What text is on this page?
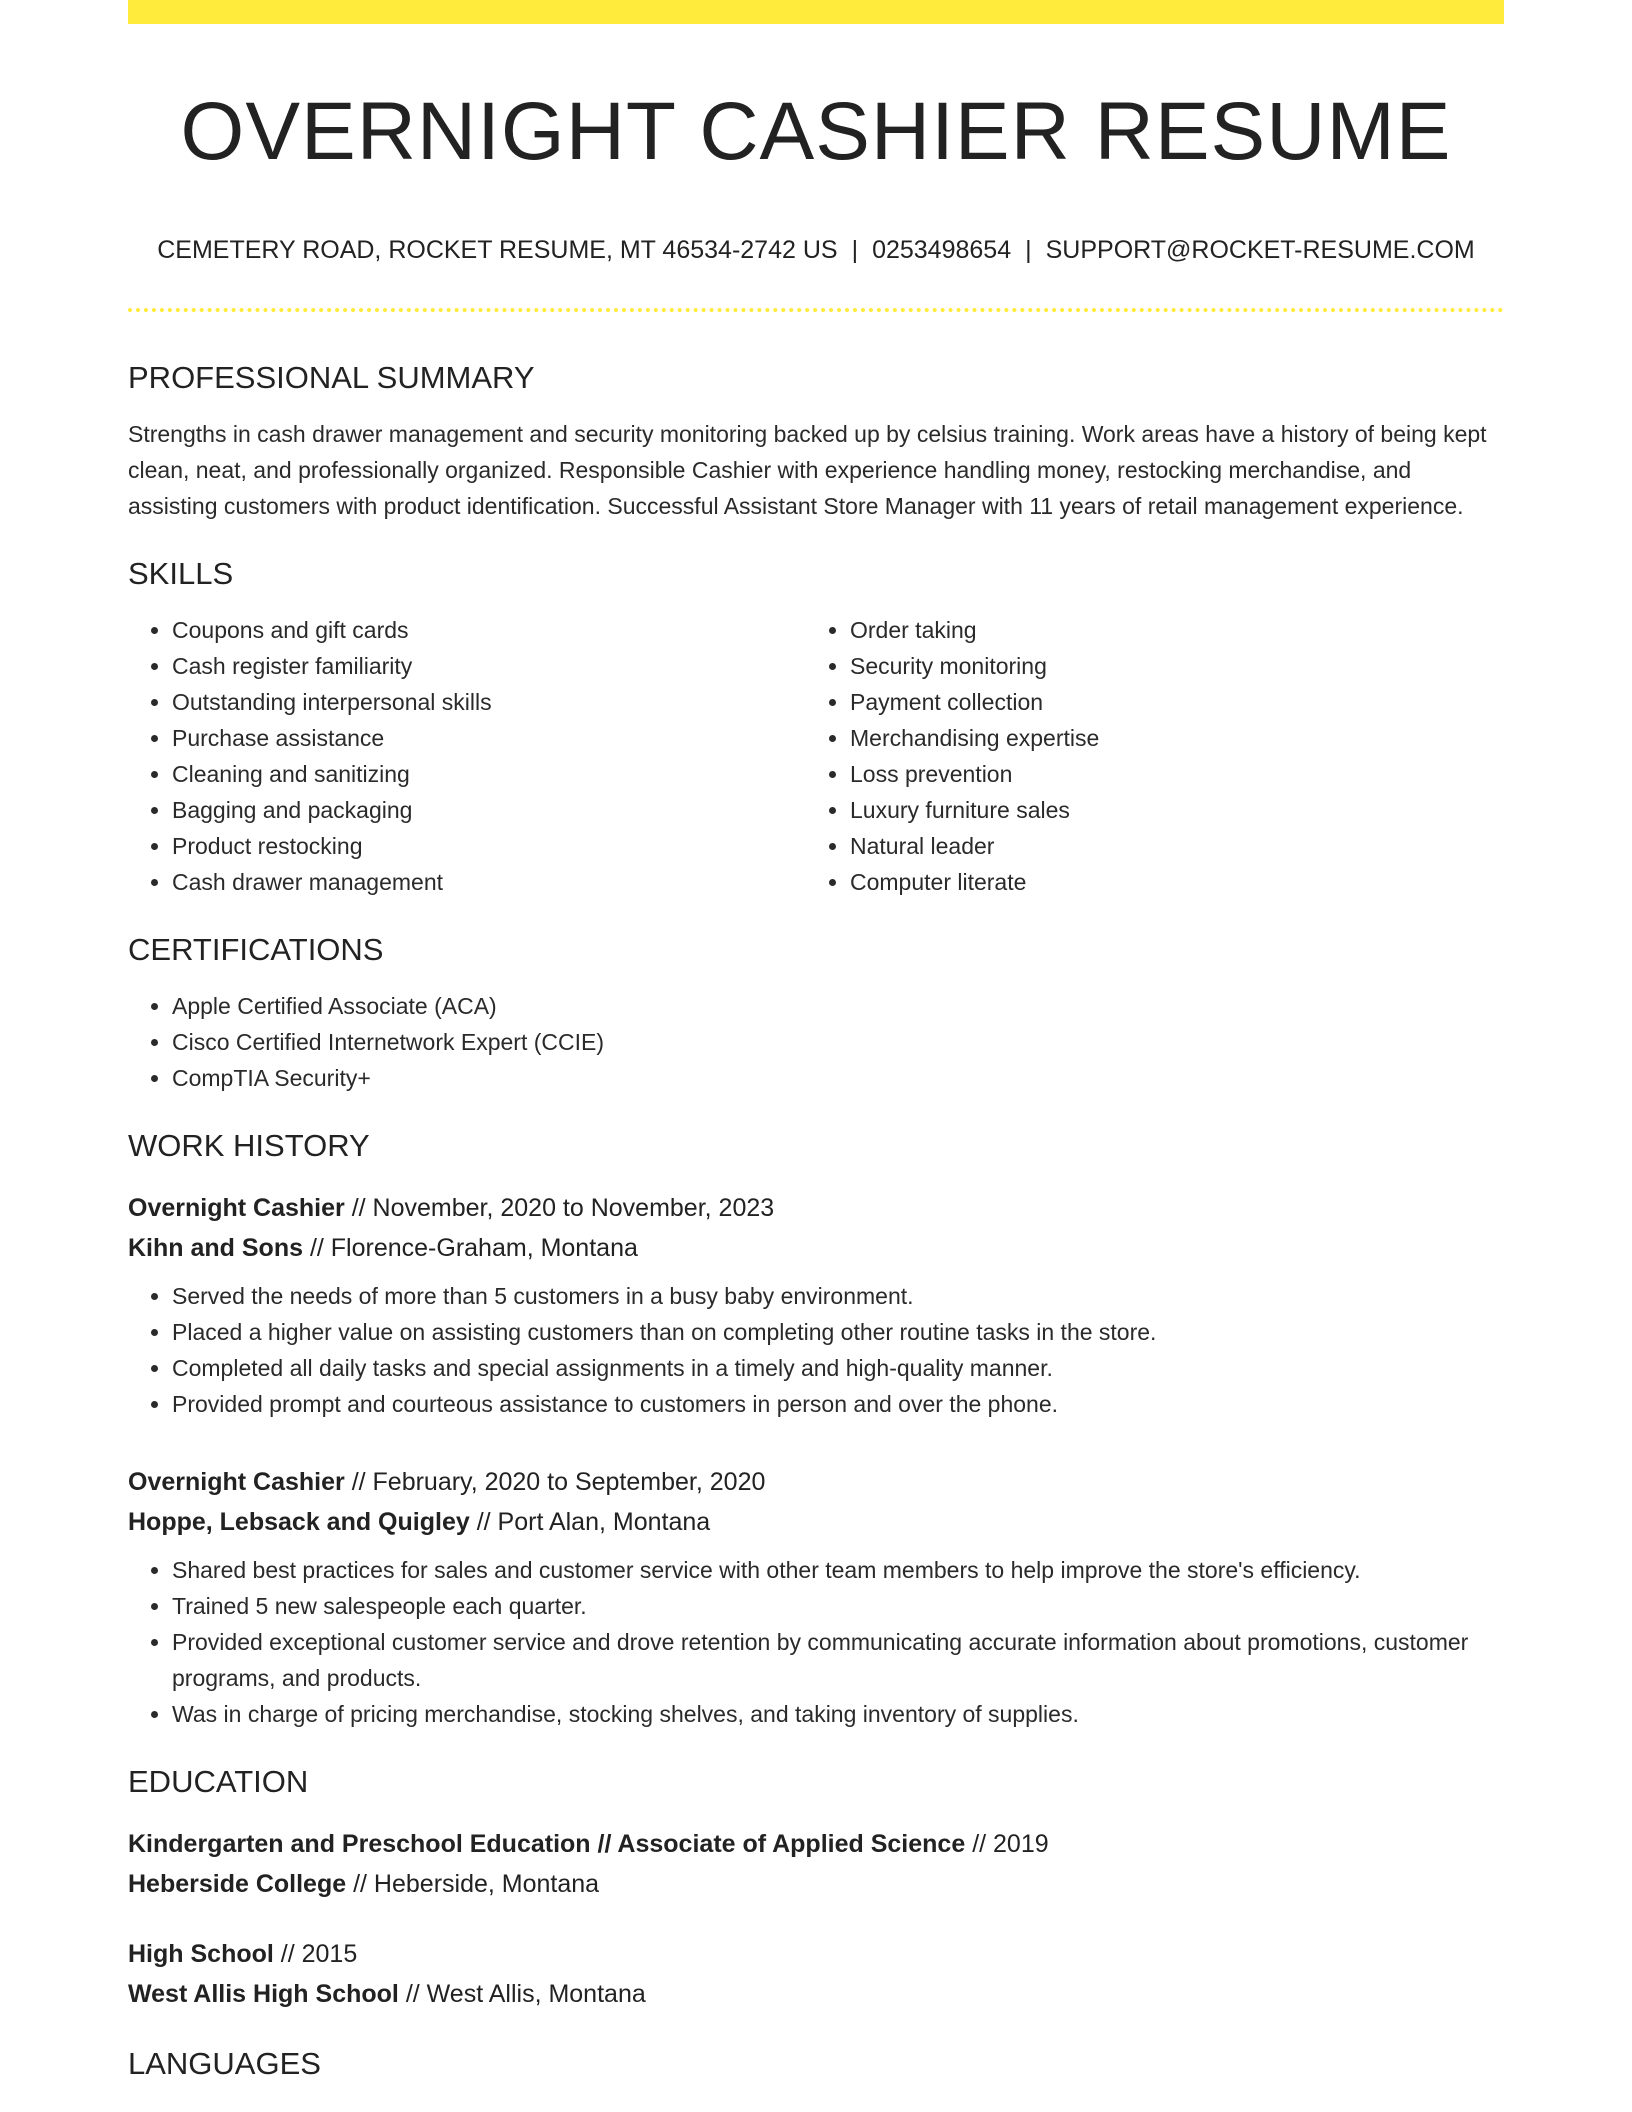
OVERNIGHT CASHIER RESUME
CEMETERY ROAD, ROCKET RESUME, MT 46534-2742 US | 0253498654 | SUPPORT@ROCKET-RESUME.COM
PROFESSIONAL SUMMARY

Strengths in cash drawer management and security monitoring backed up by celsius training. Work areas have a history of being kept clean, neat, and professionally organized. Responsible Cashier with experience handling money, restocking merchandise, and assisting customers with product identification. Successful Assistant Store Manager with 11 years of retail management experience.

SKILLS
• Coupons and gift cards
• Cash register familiarity
• Outstanding interpersonal skills
• Purchase assistance
• Cleaning and sanitizing
• Bagging and packaging
• Product restocking
• Cash drawer management
• Order taking
• Security monitoring
• Payment collection
• Merchandising expertise
• Loss prevention
• Luxury furniture sales
• Natural leader
• Computer literate
CERTIFICATIONS
• Apple Certified Associate (ACA)
• Cisco Certified Internetwork Expert (CCIE)
• CompTIA Security+
WORK HISTORY
Overnight Cashier // November, 2020 to November, 2023
Kihn and Sons // Florence-Graham, Montana
• Served the needs of more than 5 customers in a busy baby environment.
• Placed a higher value on assisting customers than on completing other routine tasks in the store.
• Completed all daily tasks and special assignments in a timely and high-quality manner.
• Provided prompt and courteous assistance to customers in person and over the phone.
Overnight Cashier // February, 2020 to September, 2020
Hoppe, Lebsack and Quigley // Port Alan, Montana
• Shared best practices for sales and customer service with other team members to help improve the store's efficiency.
• Trained 5 new salespeople each quarter.
• Provided exceptional customer service and drove retention by communicating accurate information about promotions, customer programs, and products.
• Was in charge of pricing merchandise, stocking shelves, and taking inventory of supplies.
EDUCATION
Kindergarten and Preschool Education // Associate of Applied Science // 2019
Heberside College // Heberside, Montana
High School // 2015
West Allis High School // West Allis, Montana
LANGUAGES
